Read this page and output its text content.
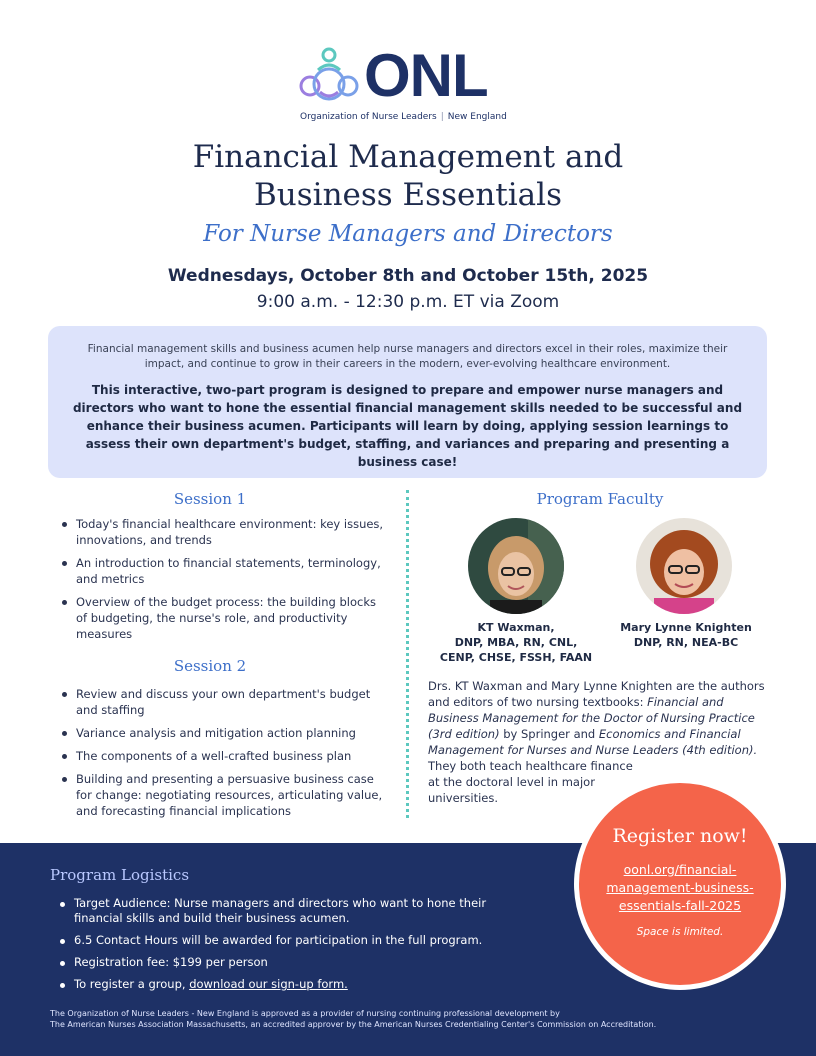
ONL
Organization of Nurse Leaders | New England
Financial Management and
Business Essentials
For Nurse Managers and Directors
Wednesdays, October 8th and October 15th, 2025
9:00 a.m. - 12:30 p.m. ET via Zoom

Financial management skills and business acumen help nurse managers and directors excel in their roles, maximize their impact, and continue to grow in their careers in the modern, ever-evolving healthcare environment.

This interactive, two-part program is designed to prepare and empower nurse managers and directors who want to hone the essential financial management skills needed to be successful and enhance their business acumen. Participants will learn by doing, applying session learnings to assess their own department's budget, staffing, and variances and preparing and presenting a business case!

Session 1
Today's financial healthcare environment: key issues, innovations, and trends
An introduction to financial statements, terminology, and metrics
Overview of the budget process: the building blocks of budgeting, the nurse's role, and productivity measures
Session 2
Review and discuss your own department's budget and staffing
Variance analysis and mitigation action planning
The components of a well-crafted business plan
Building and presenting a persuasive business case for change: negotiating resources, articulating value, and forecasting financial implications
Program Faculty
KT Waxman,
DNP, MBA, RN, CNL,
CENP, CHSE, FSSH, FAAN
Mary Lynne Knighten
DNP, RN, NEA-BC
Drs. KT Waxman and Mary Lynne Knighten are the authors and editors of two nursing textbooks: Financial and Business Management for the Doctor of Nursing Practice (3rd edition) by Springer and Economics and Financial Management for Nurses and Nurse Leaders (4th edition).
They both teach healthcare finance
at the doctoral level in major
universities.
Program Logistics
Target Audience: Nurse managers and directors who want to hone their financial skills and build their business acumen.
6.5 Contact Hours will be awarded for participation in the full program.
Registration fee: $199 per person
To register a group, download our sign-up form.
The Organization of Nurse Leaders - New England is approved as a provider of nursing continuing professional development by
The American Nurses Association Massachusetts, an accredited approver by the American Nurses Credentialing Center's Commission on Accreditation.
Register now!
oonl.org/financial-
management-business-
essentials-fall-2025
Space is limited.
